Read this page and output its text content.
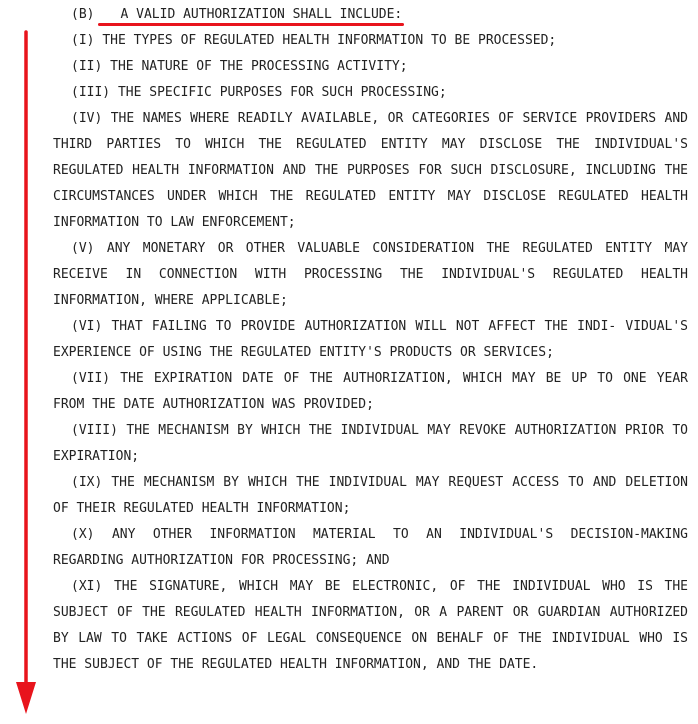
(B) A VALID AUTHORIZATION SHALL INCLUDE:

(I) THE TYPES OF REGULATED HEALTH INFORMATION TO BE PROCESSED;

(II) THE NATURE OF THE PROCESSING ACTIVITY;

(III) THE SPECIFIC PURPOSES FOR SUCH PROCESSING;

(IV) THE NAMES WHERE READILY AVAILABLE, OR CATEGORIES OF SERVICE PROVIDERS AND THIRD PARTIES TO WHICH THE REGULATED ENTITY MAY DISCLOSE THE INDIVIDUAL'S REGULATED HEALTH INFORMATION AND THE PURPOSES FOR SUCH DISCLOSURE, INCLUDING THE CIRCUMSTANCES UNDER WHICH THE REGULATED ENTITY MAY DISCLOSE REGULATED HEALTH INFORMATION TO LAW ENFORCEMENT;

(V) ANY MONETARY OR OTHER VALUABLE CONSIDERATION THE REGULATED ENTITY MAY RECEIVE IN CONNECTION WITH PROCESSING THE INDIVIDUAL'S REGULATED HEALTH INFORMATION, WHERE APPLICABLE;

(VI) THAT FAILING TO PROVIDE AUTHORIZATION WILL NOT AFFECT THE INDI- VIDUAL'S EXPERIENCE OF USING THE REGULATED ENTITY'S PRODUCTS OR SERVICES;

(VII) THE EXPIRATION DATE OF THE AUTHORIZATION, WHICH MAY BE UP TO ONE YEAR FROM THE DATE AUTHORIZATION WAS PROVIDED;

(VIII) THE MECHANISM BY WHICH THE INDIVIDUAL MAY REVOKE AUTHORIZATION PRIOR TO EXPIRATION;

(IX) THE MECHANISM BY WHICH THE INDIVIDUAL MAY REQUEST ACCESS TO AND DELETION OF THEIR REGULATED HEALTH INFORMATION;

(X) ANY OTHER INFORMATION MATERIAL TO AN INDIVIDUAL'S DECISION-MAKING REGARDING AUTHORIZATION FOR PROCESSING; AND

(XI) THE SIGNATURE, WHICH MAY BE ELECTRONIC, OF THE INDIVIDUAL WHO IS THE SUBJECT OF THE REGULATED HEALTH INFORMATION, OR A PARENT OR GUARDIAN AUTHORIZED BY LAW TO TAKE ACTIONS OF LEGAL CONSEQUENCE ON BEHALF OF THE INDIVIDUAL WHO IS THE SUBJECT OF THE REGULATED HEALTH INFORMATION, AND THE DATE.
